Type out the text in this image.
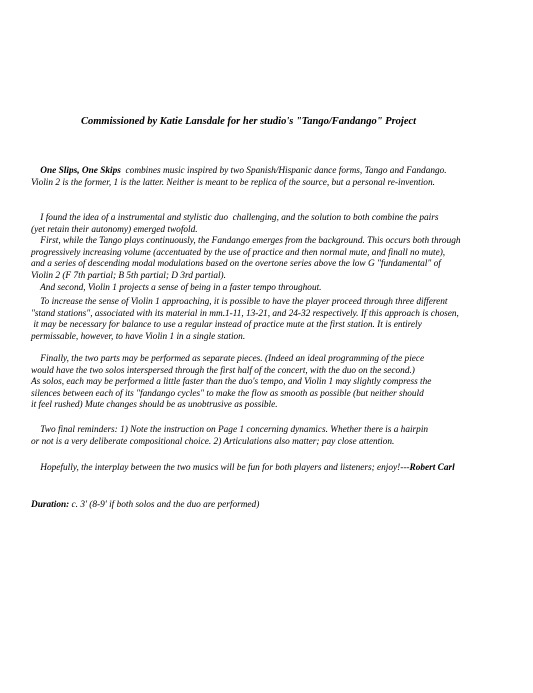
Commissioned by Katie Lansdale for her studio's "Tango/Fandango" Project

One Slips, One Skips  combines music inspired by two Spanish/Hispanic dance forms, Tango and Fandango.

Violin 2 is the former, 1 is the latter. Neither is meant to be replica of the source, but a personal re-invention.

I found the idea of a instrumental and stylistic duo  challenging, and the solution to both combine the pairs

(yet retain their autonomy) emerged twofold.

First, while the Tango plays continuously, the Fandango emerges from the background. This occurs both through

progressively increasing volume (accentuated by the use of practice and then normal mute, and finall no mute),

and a series of descending modal modulations based on the overtone series above the low G "fundamental" of

Violin 2 (F 7th partial; B 5th partial; D 3rd partial).

And second, Violin 1 projects a sense of being in a faster tempo throughout.

To increase the sense of Violin 1 approaching, it is possible to have the player proceed through three different

"stand stations", associated with its material in mm.1-11, 13-21, and 24-32 respectively. If this approach is chosen,

it may be necessary for balance to use a regular instead of practice mute at the first station. It is entirely

permissable, however, to have Violin 1 in a single station.

Finally, the two parts may be performed as separate pieces. (Indeed an ideal programming of the piece

would have the two solos interspersed through the first half of the concert, with the duo on the second.)

As solos, each may be performed a little faster than the duo's tempo, and Violin 1 may slightly compress the

silences between each of its "fandango cycles" to make the flow as smooth as possible (but neither should

it feel rushed) Mute changes should be as unobtrusive as possible.

Two final reminders: 1) Note the instruction on Page 1 concerning dynamics. Whether there is a hairpin

or not is a very deliberate compositional choice. 2) Articulations also matter; pay close attention.

Hopefully, the interplay between the two musics will be fun for both players and listeners; enjoy!---Robert Carl

Duration: c. 3' (8-9' if both solos and the duo are performed)
